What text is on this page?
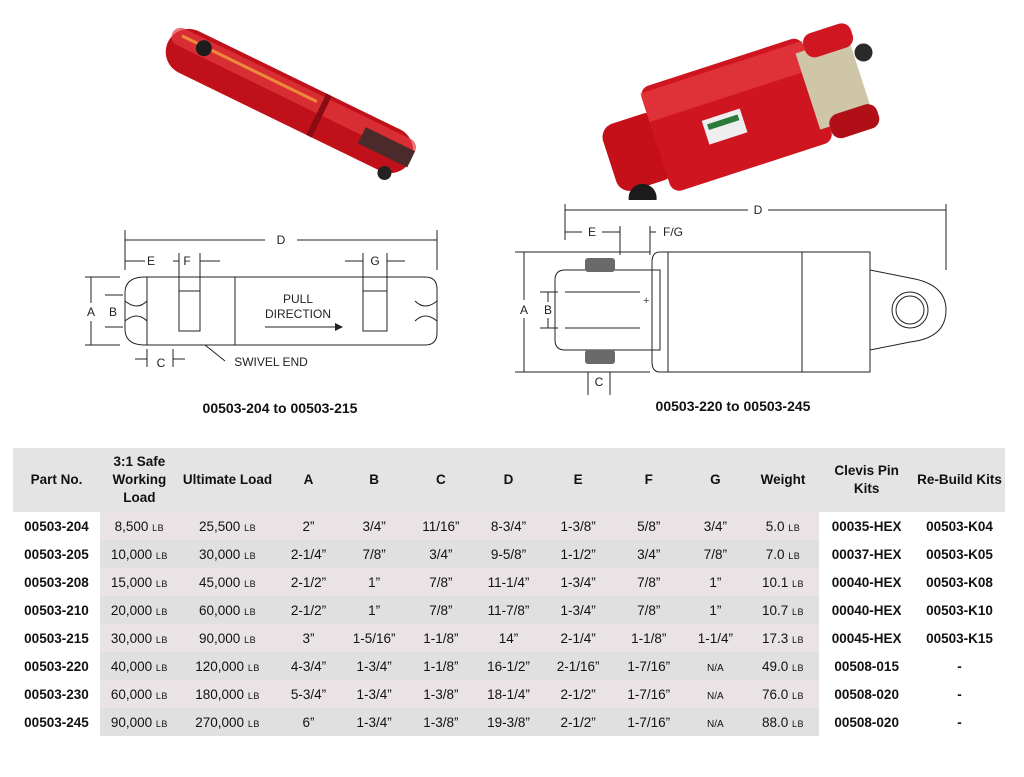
D
E F	G
A B
C
PULL
DIRECTION
SWIVEL END
+
D
E	F/G
A B
C
00503-204 to 00503-215	00503-220 to 00503-245
Part No.	3:1 Safe Working Load	Ultimate Load	A	B	C	D	E	F	G	Weight	Clevis Pin Kits	Re-Build Kits
00503-204	8,500 LB	25,500 LB	2”	3/4”	11/16”	8-3/4”	1-3/8”	5/8”	3/4”	5.0 LB	00035-HEX	00503-K04
00503-205	10,000 LB	30,000 LB	2-1/4”	7/8”	3/4”	9-5/8”	1-1/2”	3/4”	7/8”	7.0 LB	00037-HEX	00503-K05
00503-208	15,000 LB	45,000 LB	2-1/2”	1”	7/8”	11-1/4”	1-3/4”	7/8”	1”	10.1 LB	00040-HEX	00503-K08
00503-210	20,000 LB	60,000 LB	2-1/2”	1”	7/8”	11-7/8”	1-3/4”	7/8”	1”	10.7 LB	00040-HEX	00503-K10
00503-215	30,000 LB	90,000 LB	3”	1-5/16”	1-1/8”	14”	2-1/4”	1-1/8”	1-1/4”	17.3 LB	00045-HEX	00503-K15
00503-220	40,000 LB	120,000 LB	4-3/4”	1-3/4”	1-1/8”	16-1/2”	2-1/16”	1-7/16”	N/A	49.0 LB	00508-015	-
00503-230	60,000 LB	180,000 LB	5-3/4”	1-3/4”	1-3/8”	18-1/4”	2-1/2”	1-7/16”	N/A	76.0 LB	00508-020	-
00503-245	90,000 LB	270,000 LB	6”	1-3/4”	1-3/8”	19-3/8”	2-1/2”	1-7/16”	N/A	88.0 LB	00508-020	-
